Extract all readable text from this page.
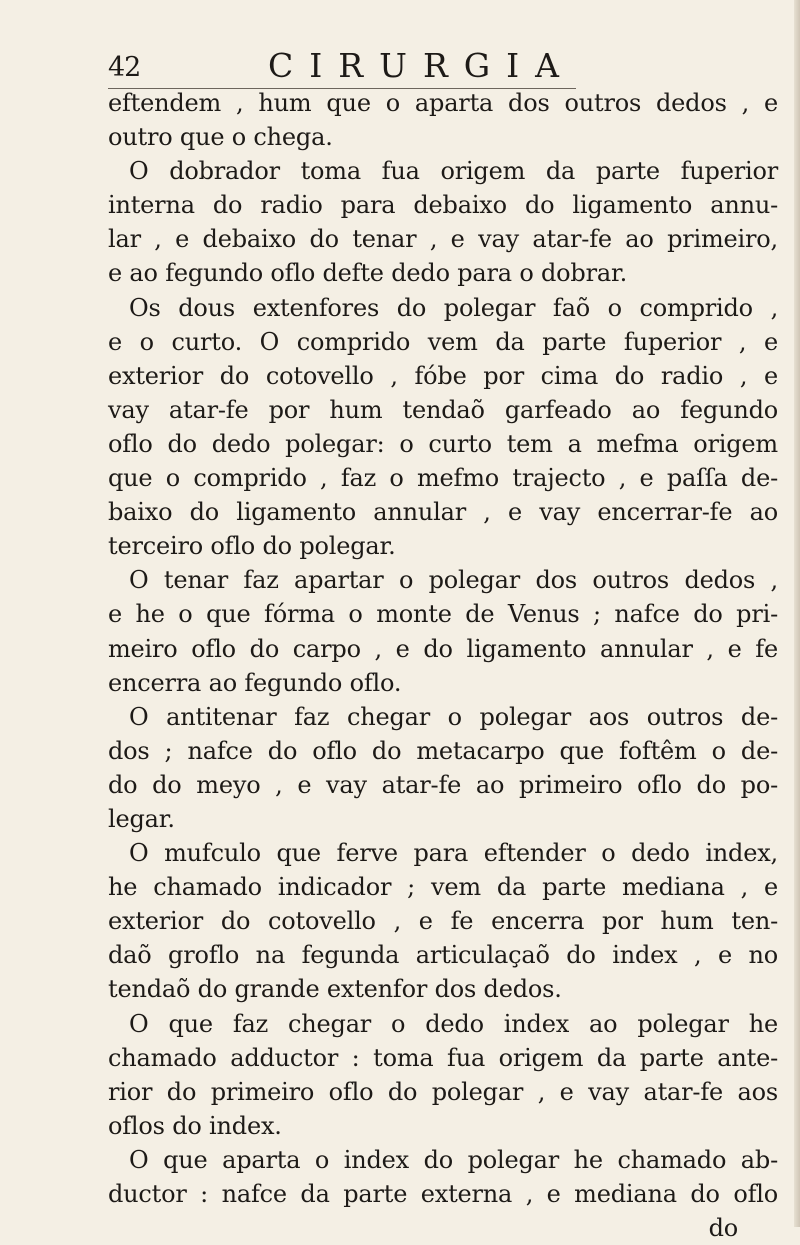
42	CIRURGIA
eftendem , hum que o aparta dos outros dedos , e
outro que o chega.
O dobrador toma fua origem da parte fuperior
interna do radio para debaixo do ligamento annu-
lar , e debaixo do tenar , e vay atar-fe ao primeiro,
e ao fegundo oflo defte dedo para o dobrar.
Os dous extenfores do polegar faõ o comprido ,
e o curto. O comprido vem da parte fuperior , e
exterior do cotovello , fóbe por cima do radio , e
vay atar-fe por hum tendaõ garfeado ao fegundo
oflo do dedo polegar: o curto tem a mefma origem
que o comprido , faz o mefmo trajecto , e paſſa de-
baixo do ligamento annular , e vay encerrar-fe ao
terceiro oflo do polegar.
O tenar faz apartar o polegar dos outros dedos ,
e he o que fórma o monte de Venus ; nafce do pri-
meiro oflo do carpo , e do ligamento annular , e fe
encerra ao fegundo oflo.
O antitenar faz chegar o polegar aos outros de-
dos ; nafce do oflo do metacarpo que foftêm o de-
do do meyo , e vay atar-fe ao primeiro oflo do po-
legar.
O mufculo que ferve para eftender o dedo index,
he chamado indicador ; vem da parte mediana , e
exterior do cotovello , e fe encerra por hum ten-
daõ groflo na fegunda articulaçaõ do index , e no
tendaõ do grande extenfor dos dedos.
O que faz chegar o dedo index ao polegar he
chamado adductor : toma fua origem da parte ante-
rior do primeiro oflo do polegar , e vay atar-fe aos
oflos do index.
O que aparta o index do polegar he chamado ab-
ductor : nafce da parte externa , e mediana do oflo
do
